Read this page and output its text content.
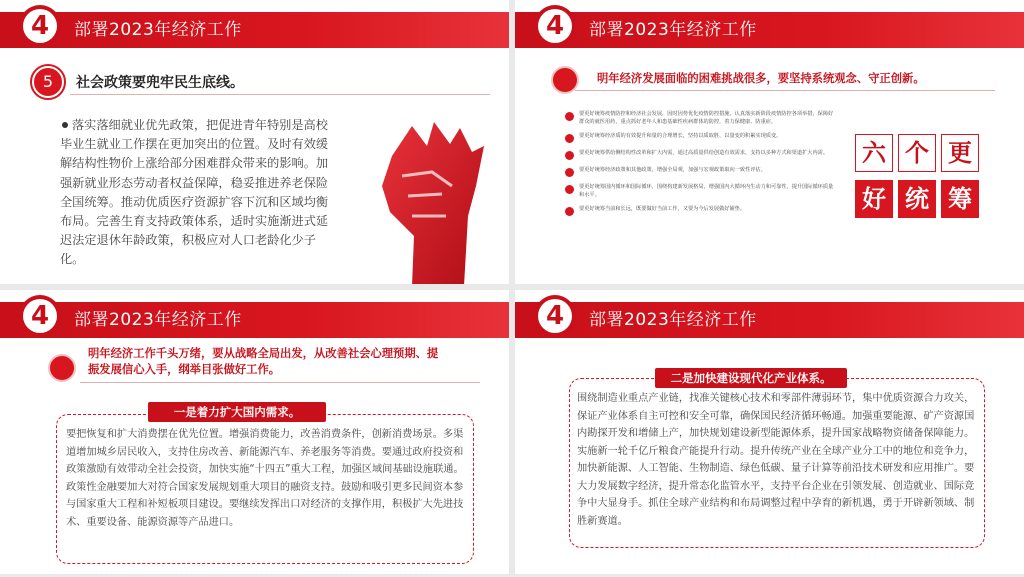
部署2023年经济工作
4
5	社会政策要兜牢民生底线。
落实落细就业优先政策，把促进青年特别是高校毕业生就业工作摆在更加突出的位置。及时有效缓解结构性物价上涨给部分困难群众带来的影响。加强新就业形态劳动者权益保障，稳妥推进养老保险全国统筹。推动优质医疗资源扩容下沉和区域均衡布局。完善生育支持政策体系，适时实施渐进式延迟法定退休年龄政策，积极应对人口老龄化少子化。
部署2023年经济工作
4
明年经济发展面临的困难挑战很多，要坚持系统观念、守正创新。
要更好统筹疫情防控和经济社会发展，因时因势优化疫情防控措施，认真落实新阶段疫情防控各项举措，保障好群众的就医用药，重点抓好老年人和患基础性疾病群体的防控，着力保健康、防重症。
要更好统筹经济质的有效提升和量的合理增长，坚持以质取胜，以量变的积累实现质变。
要更好统筹供给侧结构性改革和扩大内需，通过高质量供给创造有效需求，支持以多种方式和渠道扩大内需。
要更好统筹经济政策和其他政策，增强全局观，加强与宏观政策取向一致性评估。
要更好统筹国内循环和国际循环，围绕构建新发展格局，增强国内大循环内生动力和可靠性，提升国际循环质量和水平。
要更好统筹当前和长远，既要做好当前工作，又要为今后发展做好铺垫。
六 个 更
好 统 筹
部署2023年经济工作
4
明年经济工作千头万绪，要从战略全局出发，从改善社会心理预期、提振发展信心入手，纲举目张做好工作。
一是着力扩大国内需求。
要把恢复和扩大消费摆在优先位置。增强消费能力，改善消费条件，创新消费场景。多渠道增加城乡居民收入，支持住房改善、新能源汽车、养老服务等消费。要通过政府投资和政策激励有效带动全社会投资，加快实施“十四五”重大工程，加强区域间基础设施联通。政策性金融要加大对符合国家发展规划重大项目的融资支持。鼓励和吸引更多民间资本参与国家重大工程和补短板项目建设。要继续发挥出口对经济的支撑作用，积极扩大先进技术、重要设备、能源资源等产品进口。
部署2023年经济工作
4
二是加快建设现代化产业体系。
围绕制造业重点产业链，找准关键核心技术和零部件薄弱环节，集中优质资源合力攻关，保证产业体系自主可控和安全可靠，确保国民经济循环畅通。加强重要能源、矿产资源国内勘探开发和增储上产，加快规划建设新型能源体系，提升国家战略物资储备保障能力。实施新一轮千亿斤粮食产能提升行动。提升传统产业在全球产业分工中的地位和竞争力，加快新能源、人工智能、生物制造、绿色低碳、量子计算等前沿技术研发和应用推广。要大力发展数字经济，提升常态化监管水平，支持平台企业在引领发展、创造就业、国际竞争中大显身手。抓住全球产业结构和布局调整过程中孕育的新机遇，勇于开辟新领域、制胜新赛道。
